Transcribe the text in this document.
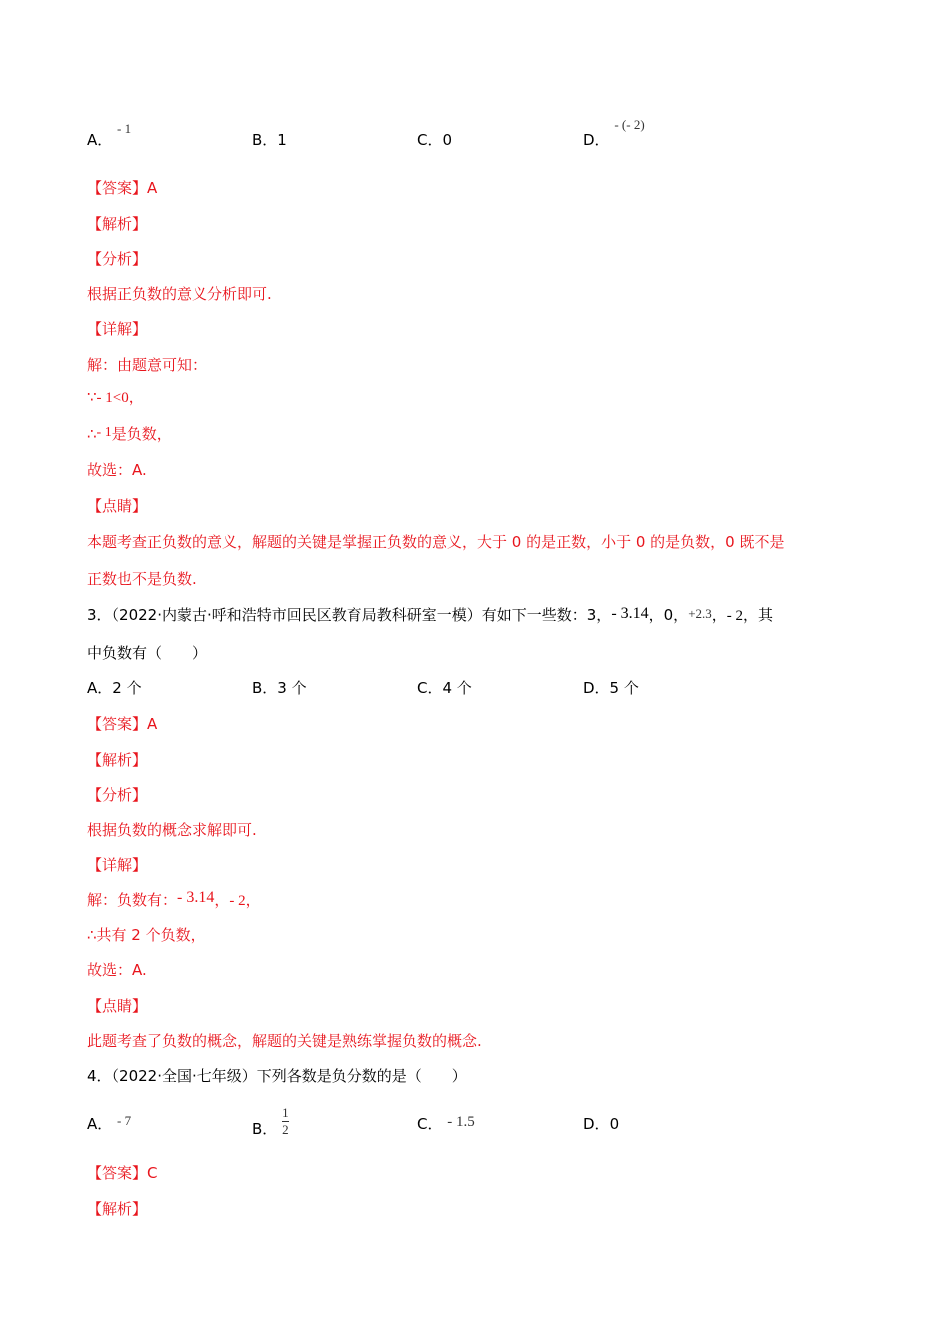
A． - 1
B．1	C．0	D． - (- 2)
【答案】A
【解析】
【分析】
根据正负数的意义分析即可.
【详解】
解：由题意可知：
∵- 1<0，
∴- 1是负数，
故选：A.
【点睛】
本题考查正负数的意义，解题的关键是掌握正负数的意义，大于 0 的是正数，小于 0 的是负数，0 既不是
正数也不是负数.
3．（2022·内蒙古·呼和浩特市回民区教育局教科研室一模）有如下一些数：3，- 3.14，0，+2.3，- 2，其
中负数有（　　）
A．2 个	B．3 个	C．4 个	D．5 个
【答案】A
【解析】
【分析】
根据负数的概念求解即可.
【详解】
解：负数有：- 3.14，- 2，
∴共有 2 个负数，
故选：A.
【点睛】
此题考查了负数的概念，解题的关键是熟练掌握负数的概念.
4．（2022·全国·七年级）下列各数是负分数的是（　　）
A． - 7	B． $\frac{1}{2}$	C． - 1.5	D．0
【答案】C
【解析】
